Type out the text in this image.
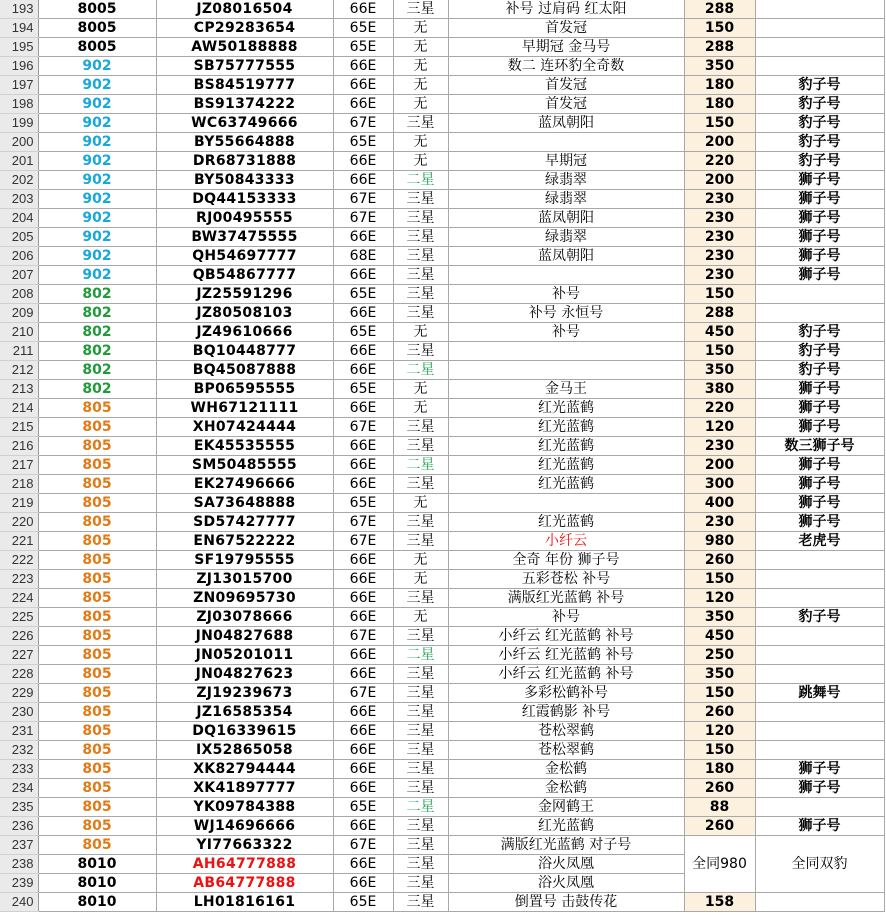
193	8005	JZ08016504	66E	三星	补号 过肩码 红太阳	288	
194	8005	CP29283654	65E	无	首发冠	150	
195	8005	AW50188888	65E	无	早期冠 金马号	288	
196	902	SB75777555	66E	无	数二 连环豹全奇数	350	
197	902	BS84519777	66E	无	首发冠	180	豹子号
198	902	BS91374222	66E	无	首发冠	180	豹子号
199	902	WC63749666	67E	三星	蓝凤朝阳	150	豹子号
200	902	BY55664888	65E	无		200	豹子号
201	902	DR68731888	66E	无	早期冠	220	豹子号
202	902	BY50843333	66E	二星	绿翡翠	200	狮子号
203	902	DQ44153333	67E	三星	绿翡翠	230	狮子号
204	902	RJ00495555	67E	三星	蓝凤朝阳	230	狮子号
205	902	BW37475555	66E	三星	绿翡翠	230	狮子号
206	902	QH54697777	68E	三星	蓝凤朝阳	230	狮子号
207	902	QB54867777	66E	三星		230	狮子号
208	802	JZ25591296	65E	三星	补号	150	
209	802	JZ80508103	66E	三星	补号 永恒号	288	
210	802	JZ49610666	65E	无	补号	450	豹子号
211	802	BQ10448777	66E	三星		150	豹子号
212	802	BQ45087888	66E	二星		350	豹子号
213	802	BP06595555	65E	无	金马王	380	狮子号
214	805	WH67121111	66E	无	红光蓝鹤	220	狮子号
215	805	XH07424444	67E	三星	红光蓝鹤	120	狮子号
216	805	EK45535555	66E	三星	红光蓝鹤	230	数三狮子号
217	805	SM50485555	66E	二星	红光蓝鹤	200	狮子号
218	805	EK27496666	66E	三星	红光蓝鹤	300	狮子号
219	805	SA73648888	65E	无		400	狮子号
220	805	SD57427777	67E	三星	红光蓝鹤	230	狮子号
221	805	EN67522222	67E	三星	小纤云	980	老虎号
222	805	SF19795555	66E	无	全奇 年份 狮子号	260	
223	805	ZJ13015700	66E	无	五彩苍松 补号	150	
224	805	ZN09695730	66E	三星	满版红光蓝鹤 补号	120	
225	805	ZJ03078666	66E	无	补号	350	豹子号
226	805	JN04827688	67E	三星	小纤云 红光蓝鹤 补号	450	
227	805	JN05201011	66E	二星	小纤云 红光蓝鹤 补号	250	
228	805	JN04827623	66E	三星	小纤云 红光蓝鹤 补号	350	
229	805	ZJ19239673	67E	三星	多彩松鹤补号	150	跳舞号
230	805	JZ16585354	66E	三星	红霞鹤影 补号	260	
231	805	DQ16339615	66E	三星	苍松翠鹤	120	
232	805	IX52865058	66E	三星	苍松翠鹤	150	
233	805	XK82794444	66E	三星	金松鹤	180	狮子号
234	805	XK41897777	66E	三星	金松鹤	260	狮子号
235	805	YK09784388	65E	二星	金网鹤王	88	
236	805	WJ14696666	66E	三星	红光蓝鹤	260	狮子号
237	805	YI77663322	67E	三星	满版红光蓝鹤 对子号	全同980	全同双豹
238	8010	AH64777888	66E	三星	浴火凤凰		
239	8010	AB64777888	66E	三星	浴火凤凰		
240	8010	LH01816161	65E	三星	倒置号 击鼓传花	158	
